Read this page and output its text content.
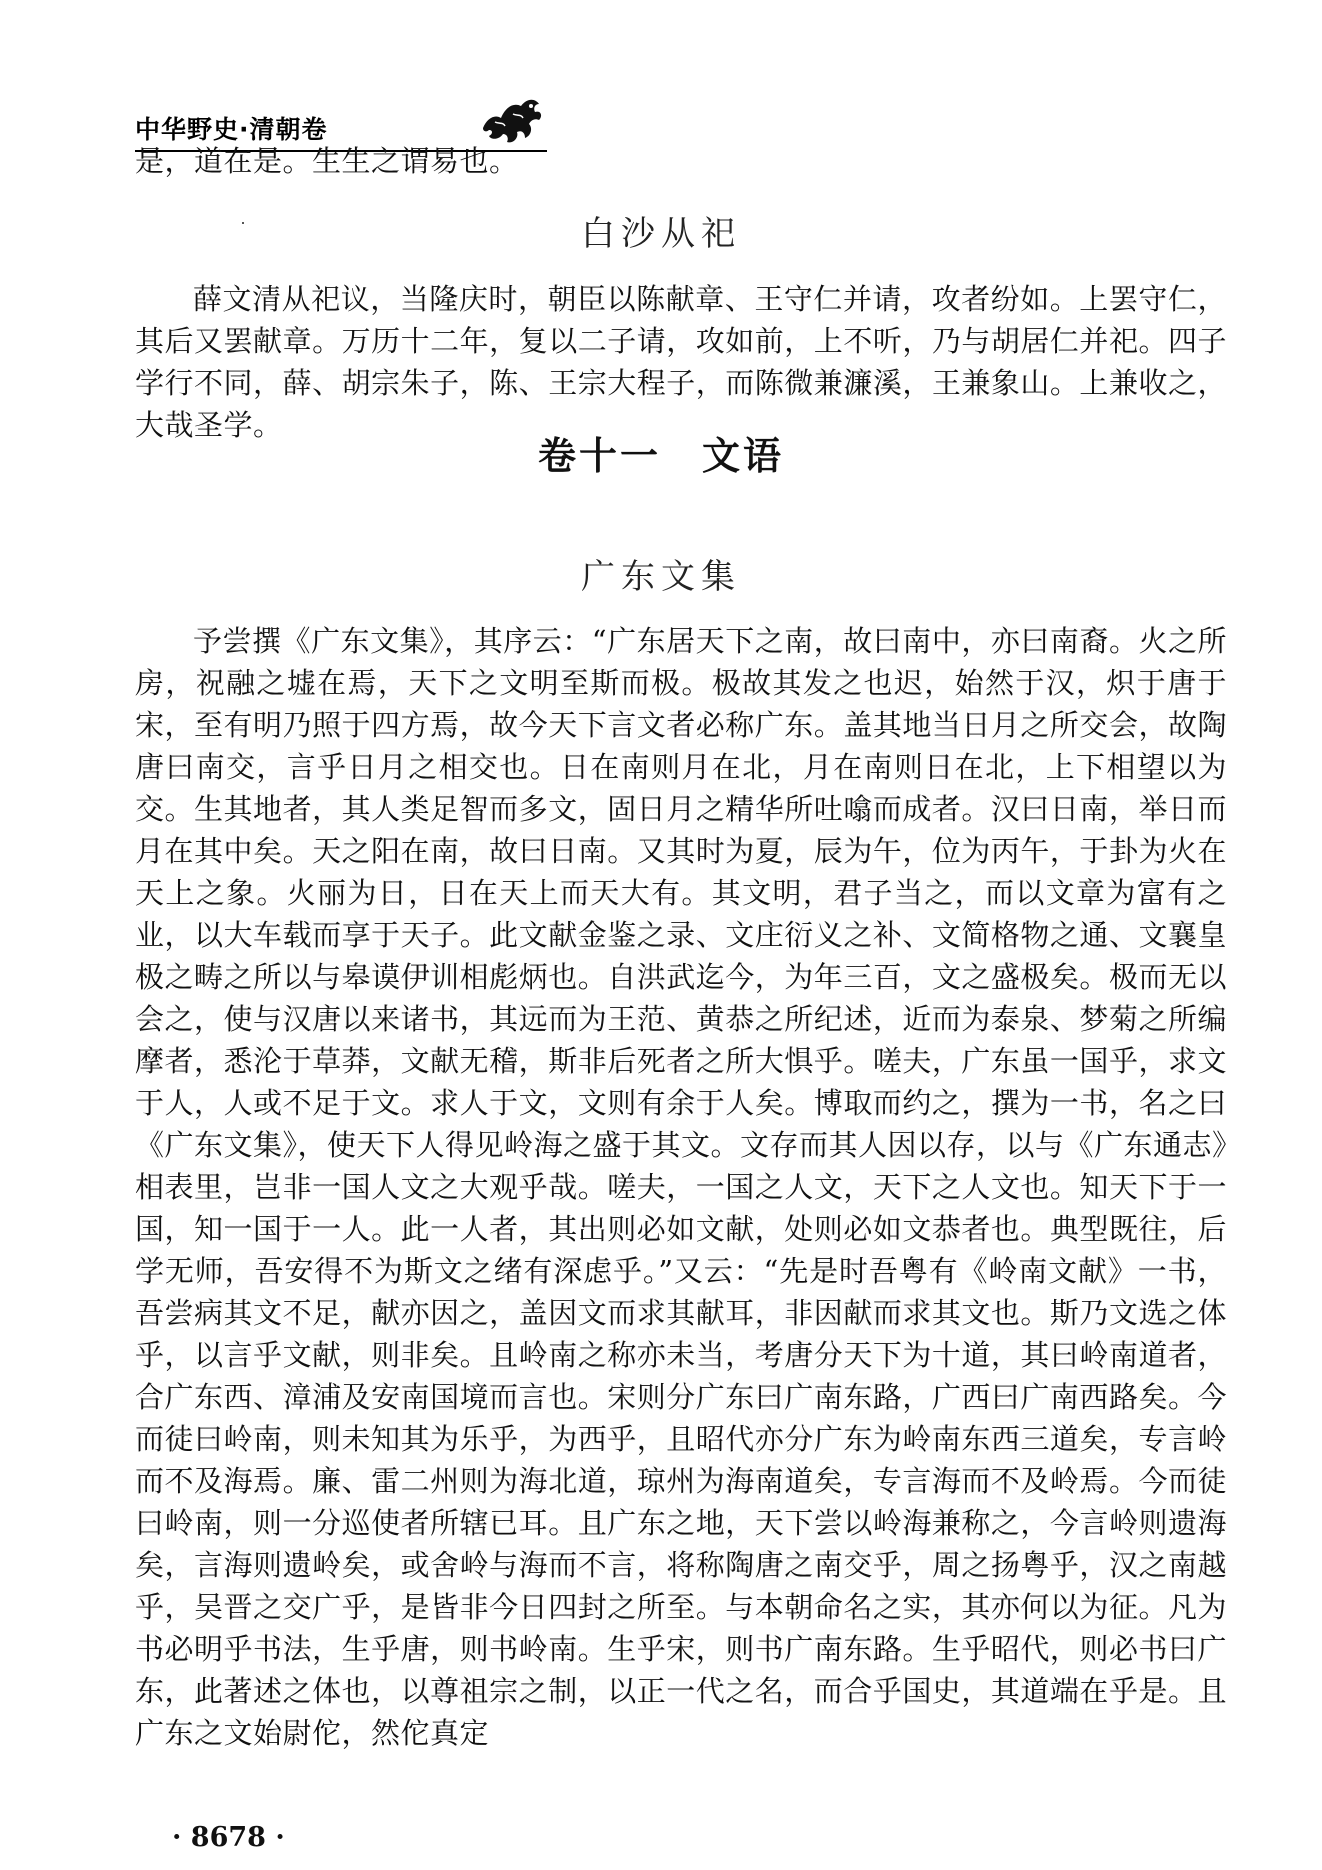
中华野史·清朝卷

是，道在是。生生之谓易也。

白沙从祀

薛文清从祀议，当隆庆时，朝臣以陈献章、王守仁并请，攻者纷如。上罢守仁，其后又罢献章。万历十二年，复以二子请，攻如前，上不听，乃与胡居仁并祀。四子学行不同，薛、胡宗朱子，陈、王宗大程子，而陈微兼濂溪，王兼象山。上兼收之，大哉圣学。

卷十一　文语
广东文集

予尝撰《广东文集》，其序云：“广东居天下之南，故曰南中，亦曰南裔。火之所房，祝融之墟在焉，天下之文明至斯而极。极故其发之也迟，始然于汉，炽于唐于宋，至有明乃照于四方焉，故今天下言文者必称广东。盖其地当日月之所交会，故陶唐曰南交，言乎日月之相交也。日在南则月在北，月在南则日在北，上下相望以为交。生其地者，其人类足智而多文，固日月之精华所吐噏而成者。汉曰日南，举日而月在其中矣。天之阳在南，故曰日南。又其时为夏，辰为午，位为丙午，于卦为火在天上之象。火丽为日，日在天上而天大有。其文明，君子当之，而以文章为富有之业，以大车载而享于天子。此文献金鉴之录、文庄衍义之补、文简格物之通、文襄皇极之畴之所以与皋谟伊训相彪炳也。自洪武迄今，为年三百，文之盛极矣。极而无以会之，使与汉唐以来诸书，其远而为王范、黄恭之所纪述，近而为泰泉、梦菊之所编摩者，悉沦于草莽，文献无稽，斯非后死者之所大惧乎。嗟夫，广东虽一国乎，求文于人，人或不足于文。求人于文，文则有余于人矣。博取而约之，撰为一书，名之曰《广东文集》，使天下人得见岭海之盛于其文。文存而其人因以存，以与《广东通志》相表里，岂非一国人文之大观乎哉。嗟夫，一国之人文，天下之人文也。知天下于一国，知一国于一人。此一人者，其出则必如文献，处则必如文恭者也。典型既往，后学无师，吾安得不为斯文之绪有深虑乎。”又云：“先是时吾粤有《岭南文献》一书，吾尝病其文不足，献亦因之，盖因文而求其献耳，非因献而求其文也。斯乃文选之体乎，以言乎文献，则非矣。且岭南之称亦未当，考唐分天下为十道，其曰岭南道者，合广东西、漳浦及安南国境而言也。宋则分广东曰广南东路，广西曰广南西路矣。今而徒曰岭南，则未知其为乐乎，为西乎，且昭代亦分广东为岭南东西三道矣，专言岭而不及海焉。廉、雷二州则为海北道，琼州为海南道矣，专言海而不及岭焉。今而徒曰岭南，则一分巡使者所辖已耳。且广东之地，天下尝以岭海兼称之，今言岭则遗海矣，言海则遗岭矣，或舍岭与海而不言，将称陶唐之南交乎，周之扬粤乎，汉之南越乎，吴晋之交广乎，是皆非今日四封之所至。与本朝命名之实，其亦何以为征。凡为书必明乎书法，生乎唐，则书岭南。生乎宋，则书广南东路。生乎昭代，则必书曰广东，此著述之体也，以尊祖宗之制，以正一代之名，而合乎国史，其道端在乎是。且广东之文始尉佗，然佗真定

· 8678 ·
